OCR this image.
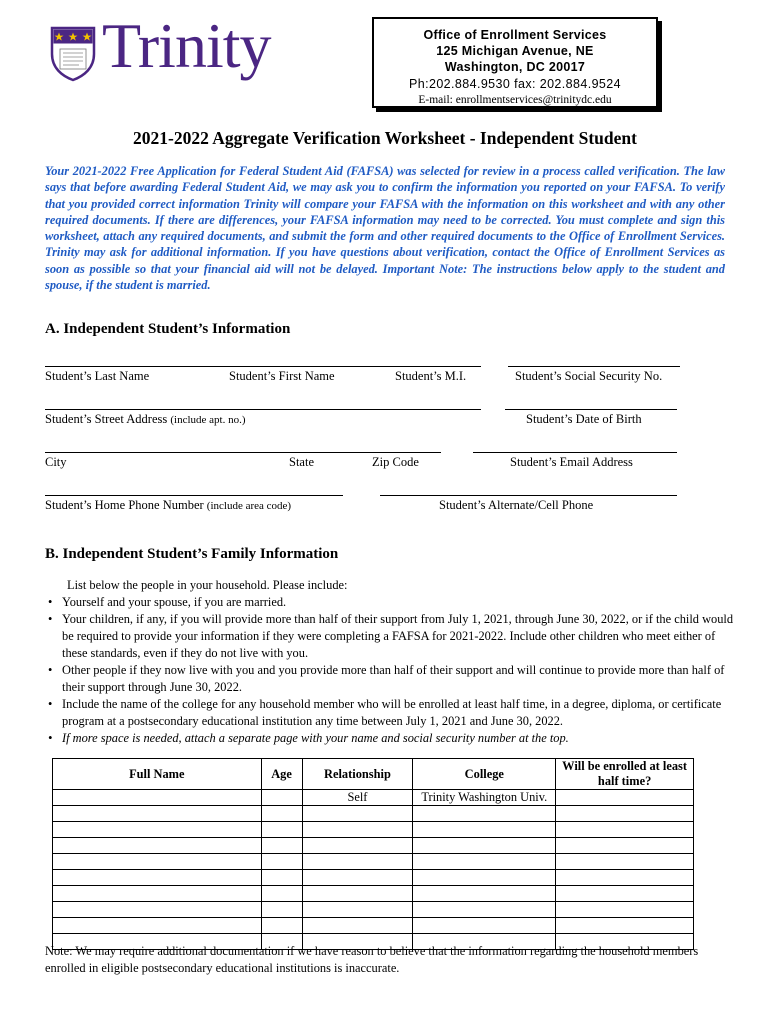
Trinity	Office of Enrollment Services
125 Michigan Avenue, NE
Washington, DC 20017
Ph:202.884.9530 fax: 202.884.9524
E-mail: enrollmentservices@trinitydc.edu
2021-2022 Aggregate Verification Worksheet - Independent Student
Your 2021-2022 Free Application for Federal Student Aid (FAFSA) was selected for review in a process called verification. The law says that before awarding Federal Student Aid, we may ask you to confirm the information you reported on your FAFSA. To verify that you provided correct information Trinity will compare your FAFSA with the information on this worksheet and with any other required documents. If there are differences, your FAFSA information may need to be corrected. You must complete and sign this worksheet, attach any required documents, and submit the form and other required documents to the Office of Enrollment Services. Trinity may ask for additional information. If you have questions about verification, contact the Office of Enrollment Services as soon as possible so that your financial aid will not be delayed. Important Note: The instructions below apply to the student and spouse, if the student is married.
A. Independent Student’s Information
Student’s Last Name	Student’s First Name	Student’s M.I.	Student’s Social Security No.
Student’s Street Address (include apt. no.)	Student’s Date of Birth
City	State	Zip Code	Student’s Email Address
Student’s Home Phone Number (include area code)	Student’s Alternate/Cell Phone
B. Independent Student’s Family Information
List below the people in your household. Please include:
• Yourself and your spouse, if you are married.
• Your children, if any, if you will provide more than half of their support from July 1, 2021, through June 30, 2022, or if the child would be required to provide your information if they were completing a FAFSA for 2021-2022. Include other children who meet either of these standards, even if they do not live with you.
• Other people if they now live with you and you provide more than half of their support and will continue to provide more than half of their support through June 30, 2022.
• Include the name of the college for any household member who will be enrolled at least half time, in a degree, diploma, or certificate program at a postsecondary educational institution any time between July 1, 2021 and June 30, 2022.
• If more space is needed, attach a separate page with your name and social security number at the top.
Full Name	Age	Relationship	College	Will be enrolled at least half time?
		Self	Trinity Washington Univ.	

Note: We may require additional documentation if we have reason to believe that the information regarding the household members enrolled in eligible postsecondary educational institutions is inaccurate.
